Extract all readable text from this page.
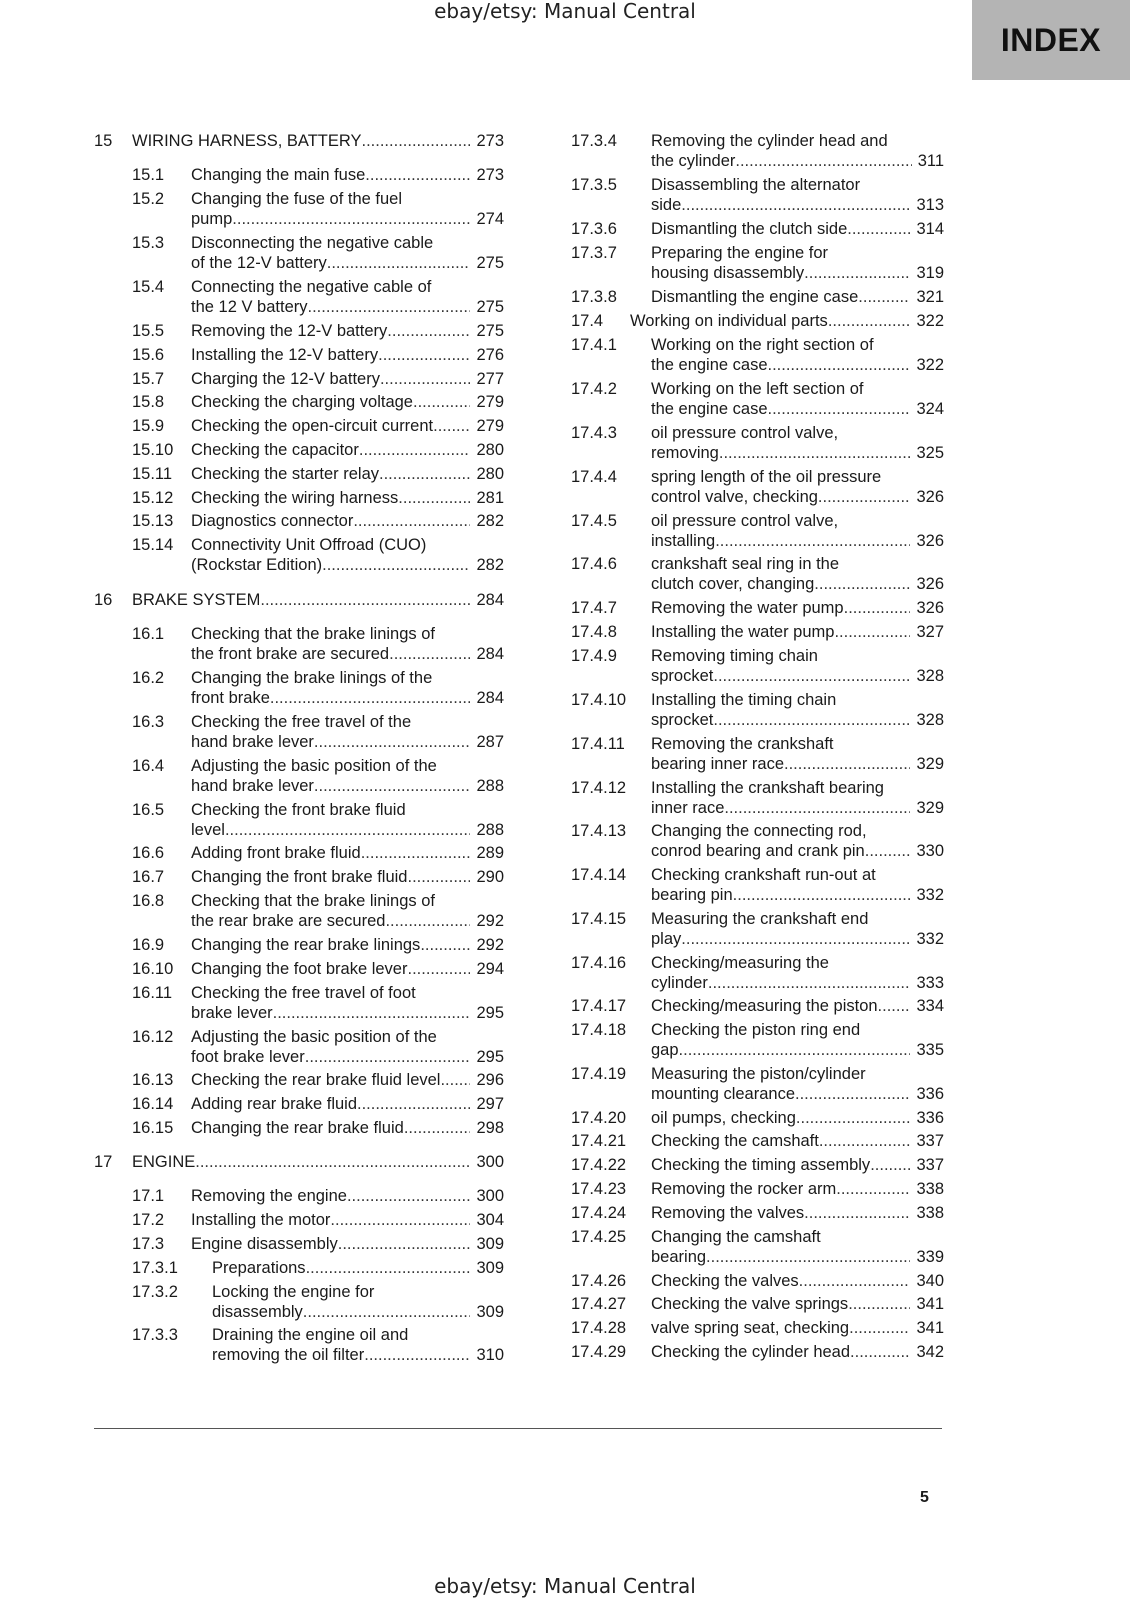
ebay/etsy: Manual Central
INDEX
15 WIRING HARNESS, BATTERY .....	273
15.1 Changing the main fuse .....	273
15.2 Changing the fuse of the fuel
pump .....	274
15.3 Disconnecting the negative cable
of the 12-V battery .....	275
15.4 Connecting the negative cable of
the 12 V battery .....	275
15.5 Removing the 12-V battery .....	275
15.6 Installing the 12-V battery .....	276
15.7 Charging the 12-V battery .....	277
15.8 Checking the charging voltage .....	279
15.9 Checking the open-circuit current .....	279
15.10 Checking the capacitor .....	280
15.11 Checking the starter relay .....	280
15.12 Checking the wiring harness .....	281
15.13 Diagnostics connector .....	282
15.14 Connectivity Unit Offroad (CUO)
(Rockstar Edition) .....	282
16 BRAKE SYSTEM .....	284
16.1 Checking that the brake linings of
the front brake are secured .....	284
16.2 Changing the brake linings of the
front brake .....	284
16.3 Checking the free travel of the
hand brake lever .....	287
16.4 Adjusting the basic position of the
hand brake lever .....	288
16.5 Checking the front brake fluid
level .....	288
16.6 Adding front brake fluid .....	289
16.7 Changing the front brake fluid .....	290
16.8 Checking that the brake linings of
the rear brake are secured .....	292
16.9 Changing the rear brake linings .....	292
16.10 Changing the foot brake lever .....	294
16.11 Checking the free travel of foot
brake lever .....	295
16.12 Adjusting the basic position of the
foot brake lever .....	295
16.13 Checking the rear brake fluid level .....	296
16.14 Adding rear brake fluid .....	297
16.15 Changing the rear brake fluid .....	298
17 ENGINE .....	300
17.1 Removing the engine .....	300
17.2 Installing the motor .....	304
17.3 Engine disassembly .....	309
17.3.1 Preparations .....	309
17.3.2 Locking the engine for
disassembly .....	309
17.3.3 Draining the engine oil and
removing the oil filter .....	310
17.3.4 Removing the cylinder head and
the cylinder .....	311
17.3.5 Disassembling the alternator
side .....	313
17.3.6 Dismantling the clutch side .....	314
17.3.7 Preparing the engine for
housing disassembly .....	319
17.3.8 Dismantling the engine case .....	321
17.4 Working on individual parts .....	322
17.4.1 Working on the right section of
the engine case .....	322
17.4.2 Working on the left section of
the engine case .....	324
17.4.3 oil pressure control valve,
removing .....	325
17.4.4 spring length of the oil pressure
control valve, checking .....	326
17.4.5 oil pressure control valve,
installing .....	326
17.4.6 crankshaft seal ring in the
clutch cover, changing .....	326
17.4.7 Removing the water pump .....	326
17.4.8 Installing the water pump .....	327
17.4.9 Removing timing chain
sprocket .....	328
17.4.10 Installing the timing chain
sprocket .....	328
17.4.11 Removing the crankshaft
bearing inner race .....	329
17.4.12 Installing the crankshaft bearing
inner race .....	329
17.4.13 Changing the connecting rod,
conrod bearing and crank pin .....	330
17.4.14 Checking crankshaft run-out at
bearing pin .....	332
17.4.15 Measuring the crankshaft end
play .....	332
17.4.16 Checking/measuring the
cylinder .....	333
17.4.17 Checking/measuring the piston .....	334
17.4.18 Checking the piston ring end
gap .....	335
17.4.19 Measuring the piston/cylinder
mounting clearance .....	336
17.4.20 oil pumps, checking .....	336
17.4.21 Checking the camshaft .....	337
17.4.22 Checking the timing assembly .....	337
17.4.23 Removing the rocker arm .....	338
17.4.24 Removing the valves .....	338
17.4.25 Changing the camshaft
bearing .....	339
17.4.26 Checking the valves .....	340
17.4.27 Checking the valve springs .....	341
17.4.28 valve spring seat, checking .....	341
17.4.29 Checking the cylinder head .....	342
5
ebay/etsy: Manual Central
